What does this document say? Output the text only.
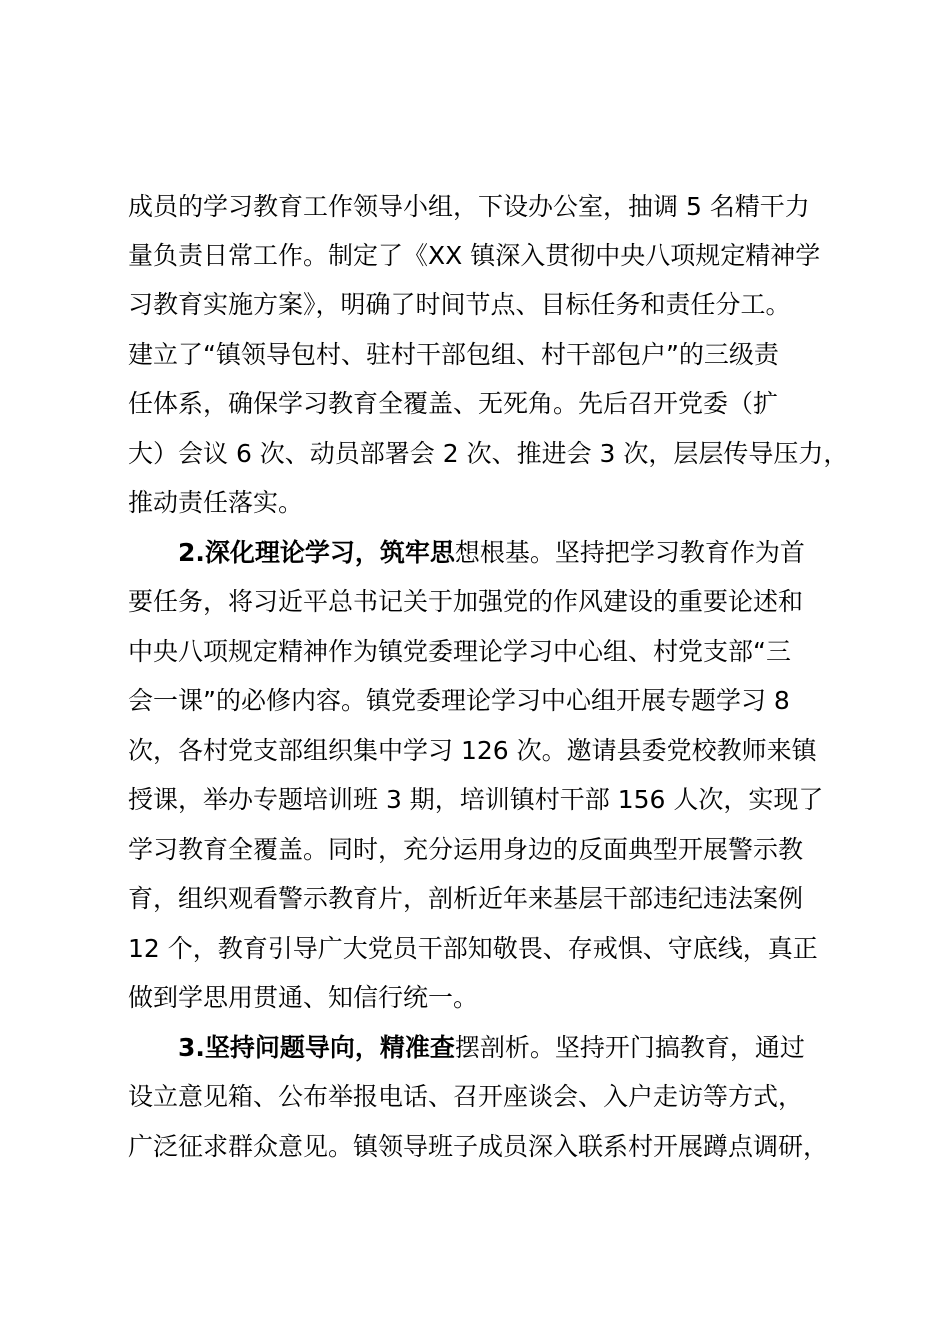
成员的学习教育工作领导小组，下设办公室，抽调 5 名精干力
量负责日常工作。制定了《XX 镇深入贯彻中央八项规定精神学
习教育实施方案》，明确了时间节点、目标任务和责任分工。
建立了“镇领导包村、驻村干部包组、村干部包户”的三级责
任体系，确保学习教育全覆盖、无死角。先后召开党委（扩
大）会议 6 次、动员部署会 2 次、推进会 3 次，层层传导压力，
推动责任落实。
2.深化理论学习，筑牢思想根基。坚持把学习教育作为首
要任务，将习近平总书记关于加强党的作风建设的重要论述和
中央八项规定精神作为镇党委理论学习中心组、村党支部“三
会一课”的必修内容。镇党委理论学习中心组开展专题学习 8
次，各村党支部组织集中学习 126 次。邀请县委党校教师来镇
授课，举办专题培训班 3 期，培训镇村干部 156 人次，实现了
学习教育全覆盖。同时，充分运用身边的反面典型开展警示教
育，组织观看警示教育片，剖析近年来基层干部违纪违法案例
12 个，教育引导广大党员干部知敬畏、存戒惧、守底线，真正
做到学思用贯通、知信行统一。
3.坚持问题导向，精准查摆剖析。坚持开门搞教育，通过
设立意见箱、公布举报电话、召开座谈会、入户走访等方式，
广泛征求群众意见。镇领导班子成员深入联系村开展蹲点调研，
